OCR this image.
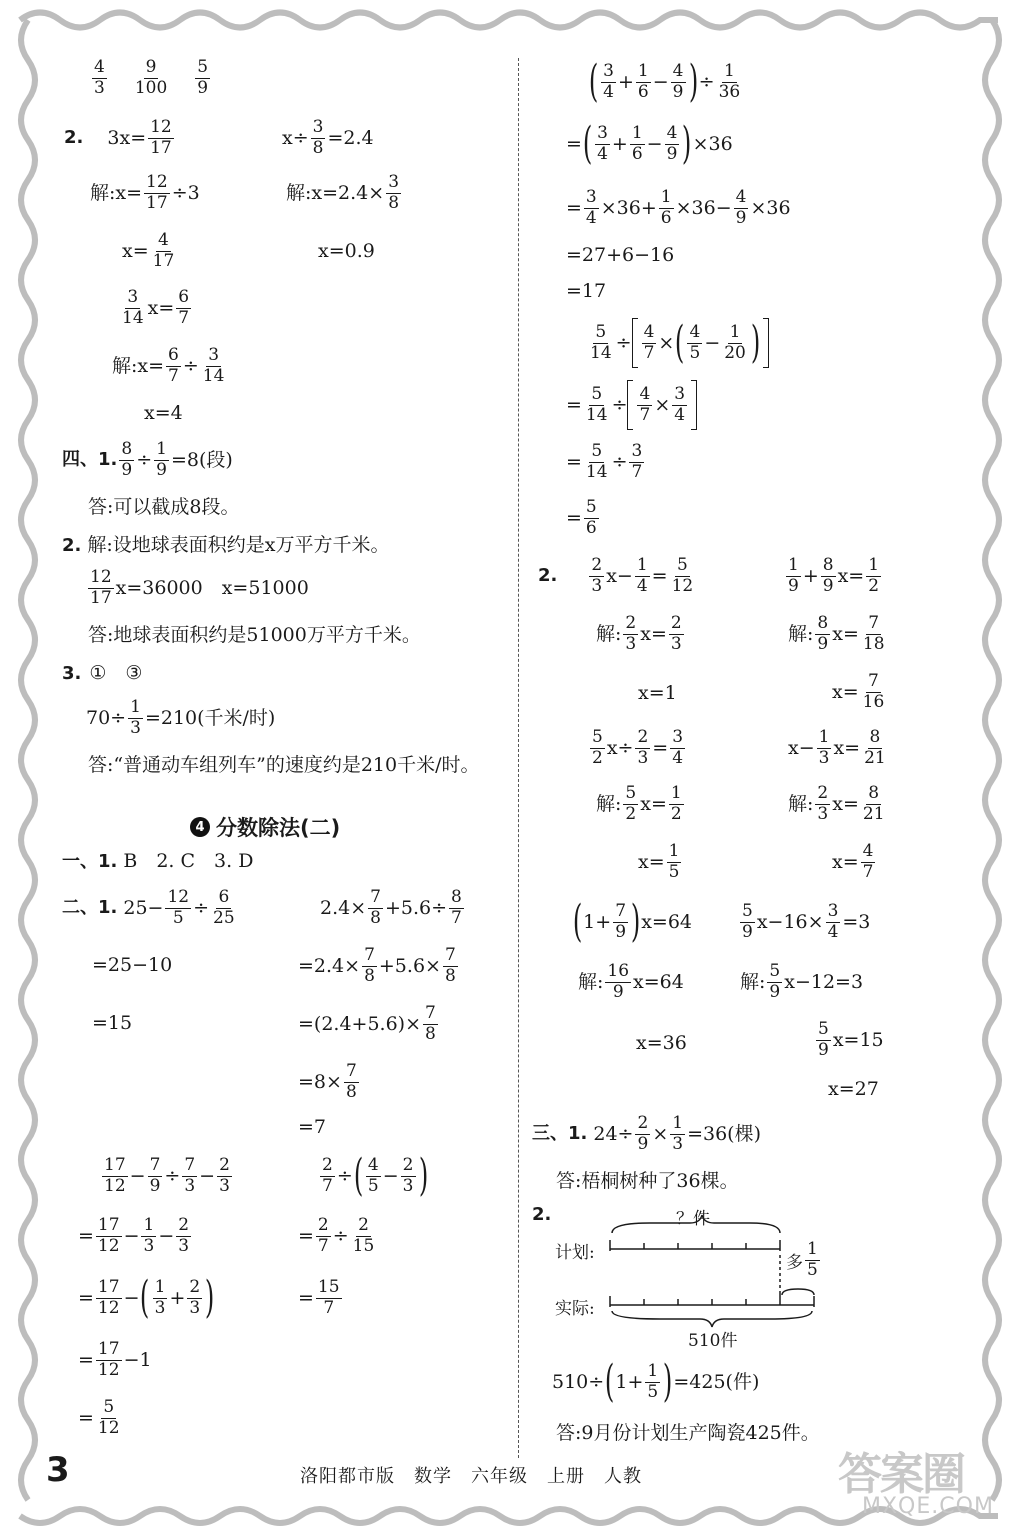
4
3
9
100
5
9
2. $3x = \frac{12}{17}$	$x\div \frac{3}{8} =2.4$
解:x= $\frac{12}{17} \div 3$	解:x=2.4× $\frac{3}{8}$
$x= \frac{4}{17}$	x=0.9
3
14 $x= \frac{6}{7}$
解:x= $\frac{6}{7} \div \frac{3}{14}$
x=4
四、1. $\frac{8}{9} \div \frac{1}{9} =8$(段)
答:可以截成8段。
2. 解:设地球表面积约是x万平方千米。
12
17 x=36000　x=51000
答:地球表面积约是51000万平方千米。
3. ①　③
$70\div \frac{1}{3} =210$(千米/时)
答:“普通动车组列车”的速度约是210千米/时。
4 分数除法(二)
一、1. B　2. C　3. D
二、1. $25- \frac{12}{5} \div \frac{6}{25}$
=25−10
=15
$2.4\times \frac{7}{8} +5.6\div \frac{8}{7}$
$=2.4\times \frac{7}{8} +5.6\times \frac{7}{8}$
$=(2.4+5.6)\times \frac{7}{8}$
$=8\times \frac{7}{8}$
=7
17
$12 - \frac{7}{9} \div \frac{7}{3} - \frac{2}{3}$
= $\frac{17}{12} - \frac{1}{3} - \frac{2}{3}$
= $\frac{17}{12}$ − ( 1
$3 + \frac{2}{3}$ )
= $\frac{17}{12} -1$
= $\frac{5}{12}$
$\frac{2}{7}$ ÷ ( 4
$5 - \frac{2}{3}$ )
= $\frac{2}{7} \div \frac{2}{15}$
= $\frac{15}{7}$
( 3
$4 + \frac{1}{6} - \frac{4}{9}$ ) ÷ $\frac{1}{36}$
= ( 3
$4 + \frac{1}{6} - \frac{4}{9}$ ) ×36
= $\frac{3}{4} \times 36+ \frac{1}{6} \times 36- \frac{4}{9} \times 36$
=27+6−16
=17
$\frac{5}{14} \div \frac{4}{7}$ × ( 4
$5 - \frac{1}{20}$ )
= $\frac{5}{14} \div \frac{4}{7} \times \frac{3}{4}$
= $\frac{5}{14} \div \frac{3}{7}$
= $\frac{5}{6}$
2.
2
3 $x- \frac{1}{4} = \frac{5}{12}$	1
$9 + \frac{8}{9} x= \frac{1}{2}$
解: 2
3 $x= \frac{2}{3}$	解: 8
9 $x= \frac{7}{18}$
x=1	$x= \frac{7}{16}$
5
2 $x\div \frac{2}{3} = \frac{3}{4}$	$x- \frac{1}{3} x= \frac{8}{21}$
解: 5
2 $x= \frac{1}{2}$	解: 2
3 $x= \frac{8}{21}$
$x= \frac{1}{5}$	$x= \frac{4}{7}$
( $1+ \frac{7}{9}$ ) x=64	5
9 $x-16\times \frac{3}{4} =3$
解: 16
9 x=64	解: 5
9 x−12=3
x=36
5
9 x=15
x=27
三、1. $24\div \frac{2}{9} \times \frac{1}{3} =36$(棵)
答:梧桐树种了36棵。
2.	？件
计划:
实际:
多
1
5
510件
510÷ ( $1+ \frac{1}{5}$ ) =425(件)
答:9月份计划生产陶瓷425件。
3	洛阳都市版　数学　六年级　上册　人教	答案圈
MXQE.COM
